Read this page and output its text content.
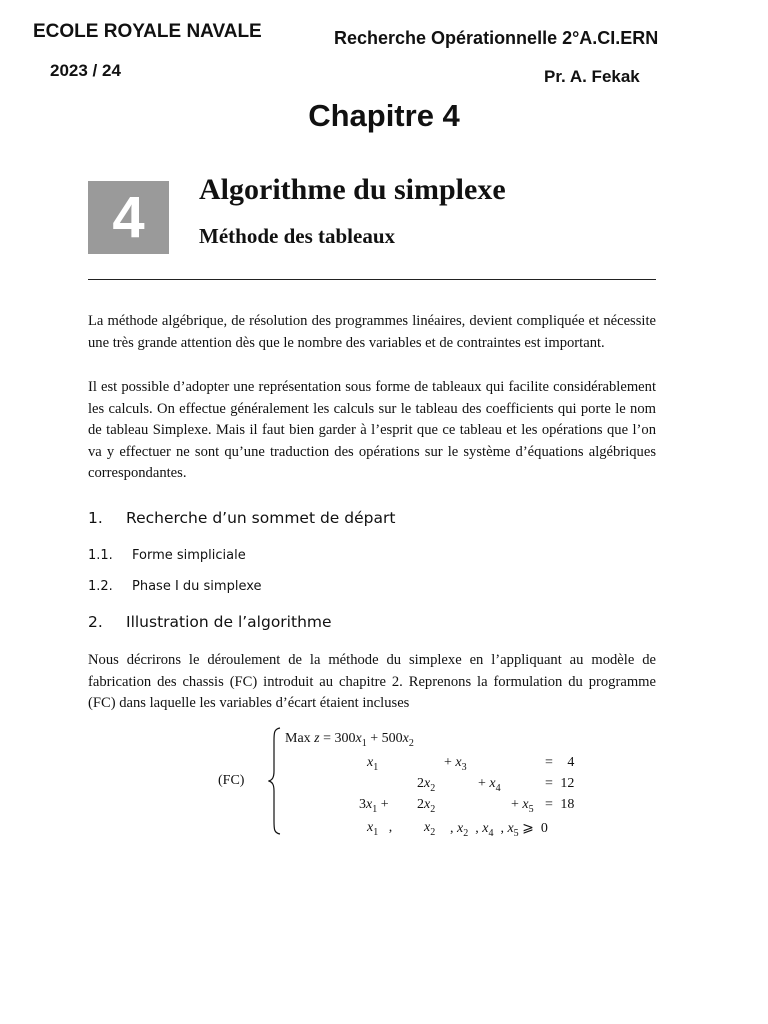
ECOLE ROYALE NAVALE
2023 / 24
Recherche Opérationnelle 2°A.CI.ERN
Pr. A. Fekak
Chapitre 4
4 Algorithme du simplexe
Méthode des tableaux
La méthode algébrique, de résolution des programmes linéaires, devient compliquée et nécessite une très grande attention dès que le nombre des variables et de contraintes est important.
Il est possible d’adopter une représentation sous forme de tableaux qui facilite considérablement les calculs. On effectue généralement les calculs sur le tableau des coefficients qui porte le nom de tableau Simplexe. Mais il faut bien garder à l’esprit que ce tableau et les opérations que l’on va y effectuer ne sont qu’une traduction des opérations sur le système d’équations algébriques correspondantes.
1. Recherche d’un sommet de départ
1.1. Forme simpliciale
1.2. Phase I du simplexe
2. Illustration de l’algorithme
Nous décrirons le déroulement de la méthode du simplexe en l’appliquant au modèle de fabrication des chassis (FC) introduit au chapitre 2. Reprenons la formulation du programme (FC) dans laquelle les variables d’écart étaient incluses
(FC)
Max $z = 300x_1 + 500x_2$
$x_1$	+ $x_3$	= 4
$2x_2$	+ $x_4$	= 12
$3x_1 + 2x_2$	+ $x_5 = 18$
$x_1$   , $x_2$ , $x_2$  , $x_4$  , $x_5$ ⩾  0
